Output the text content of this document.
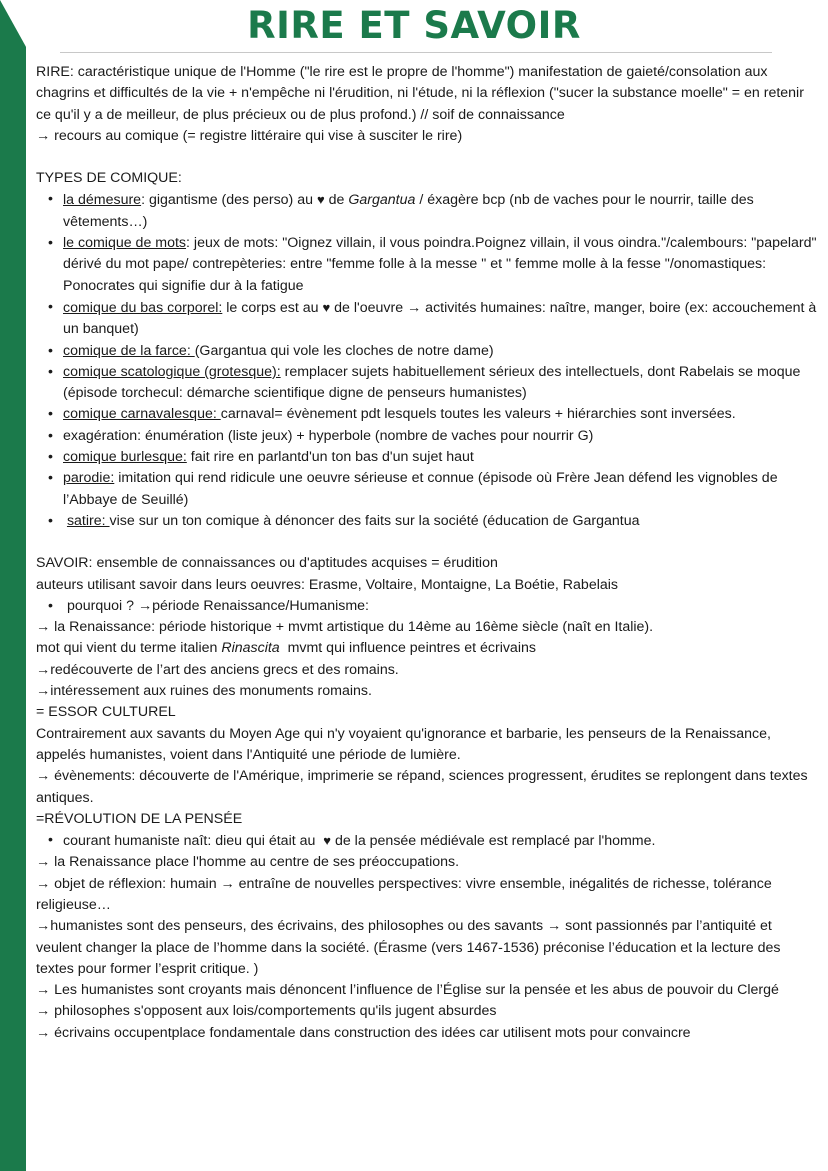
RIRE ET SAVOIR

RIRE: caractéristique unique de l'Homme ("le rire est le propre de l'homme") manifestation de gaieté/consolation aux chagrins et difficultés de la vie + n'empêche ni l'érudition, ni l'étude, ni la réflexion ("sucer la substance moelle" = en retenir ce qu'il y a de meilleur, de plus précieux ou de plus profond.) // soif de connaissance

→ recours au comique (= registre littéraire qui vise à susciter le rire)

TYPES DE COMIQUE:

• la démesure: gigantisme (des perso) au ♥ de Gargantua / éxagère bcp (nb de vaches pour le nourrir, taille des vêtements…)
• le comique de mots: jeux de mots: "Oignez villain, il vous poindra.Poignez villain, il vous oindra."/calembours: "papelard" dérivé du mot pape/ contrepèteries: entre "femme folle à la messe " et " femme molle à la fesse "/onomastiques: Ponocrates qui signifie dur à la fatigue
• comique du bas corporel: le corps est au ♥ de l'oeuvre → activités humaines: naître, manger, boire (ex: accouchement à un banquet)
• comique de la farce: (Gargantua qui vole les cloches de notre dame)
• comique scatologique (grotesque): remplacer sujets habituellement sérieux des intellectuels, dont Rabelais se moque (épisode torchecul: démarche scientifique digne de penseurs humanistes)
• comique carnavalesque: carnaval= évènement pdt lesquels toutes les valeurs + hiérarchies sont inversées.
• exagération: énumération (liste jeux) + hyperbole (nombre de vaches pour nourrir G)
• comique burlesque: fait rire en parlantd'un ton bas d'un sujet haut
• parodie: imitation qui rend ridicule une oeuvre sérieuse et connue (épisode où Frère Jean défend les vignobles de l’Abbaye de Seuillé)
• satire: vise sur un ton comique à dénoncer des faits sur la société (éducation de Gargantua

SAVOIR: ensemble de connaissances ou d'aptitudes acquises = érudition

auteurs utilisant savoir dans leurs oeuvres: Erasme, Voltaire, Montaigne, La Boétie, Rabelais

•  pourquoi ? →période Renaissance/Humanisme:

→ la Renaissance: période historique + mvmt artistique du 14ème au 16ème siècle (naît en Italie).

mot qui vient du terme italien Rinascita  mvmt qui influence peintres et écrivains

→redécouverte de l’art des anciens grecs et des romains.

→intéressement aux ruines des monuments romains.

= ESSOR CULTUREL

Contrairement aux savants du Moyen Age qui n'y voyaient qu'ignorance et barbarie, les penseurs de la Renaissance, appelés humanistes, voient dans l'Antiquité une période de lumière.

→ évènements: découverte de l'Amérique, imprimerie se répand, sciences progressent, érudites se replongent dans textes antiques.

=RÉVOLUTION DE LA PENSÉE

• courant humaniste naît: dieu qui était au  ♥ de la pensée médiévale est remplacé par l'homme.

→ la Renaissance place l'homme au centre de ses préoccupations.

→ objet de réflexion: humain → entraîne de nouvelles perspectives: vivre ensemble, inégalités de richesse, tolérance religieuse…

→humanistes sont des penseurs, des écrivains, des philosophes ou des savants → sont passionnés par l’antiquité et veulent changer la place de l’homme dans la société. (Érasme (vers 1467-1536) préconise l’éducation et la lecture des textes pour former l’esprit critique. )

→ Les humanistes sont croyants mais dénoncent l’influence de l’Église sur la pensée et les abus de pouvoir du Clergé

→ philosophes s'opposent aux lois/comportements qu'ils jugent absurdes

→ écrivains occupentplace fondamentale dans construction des idées car utilisent mots pour convaincre
